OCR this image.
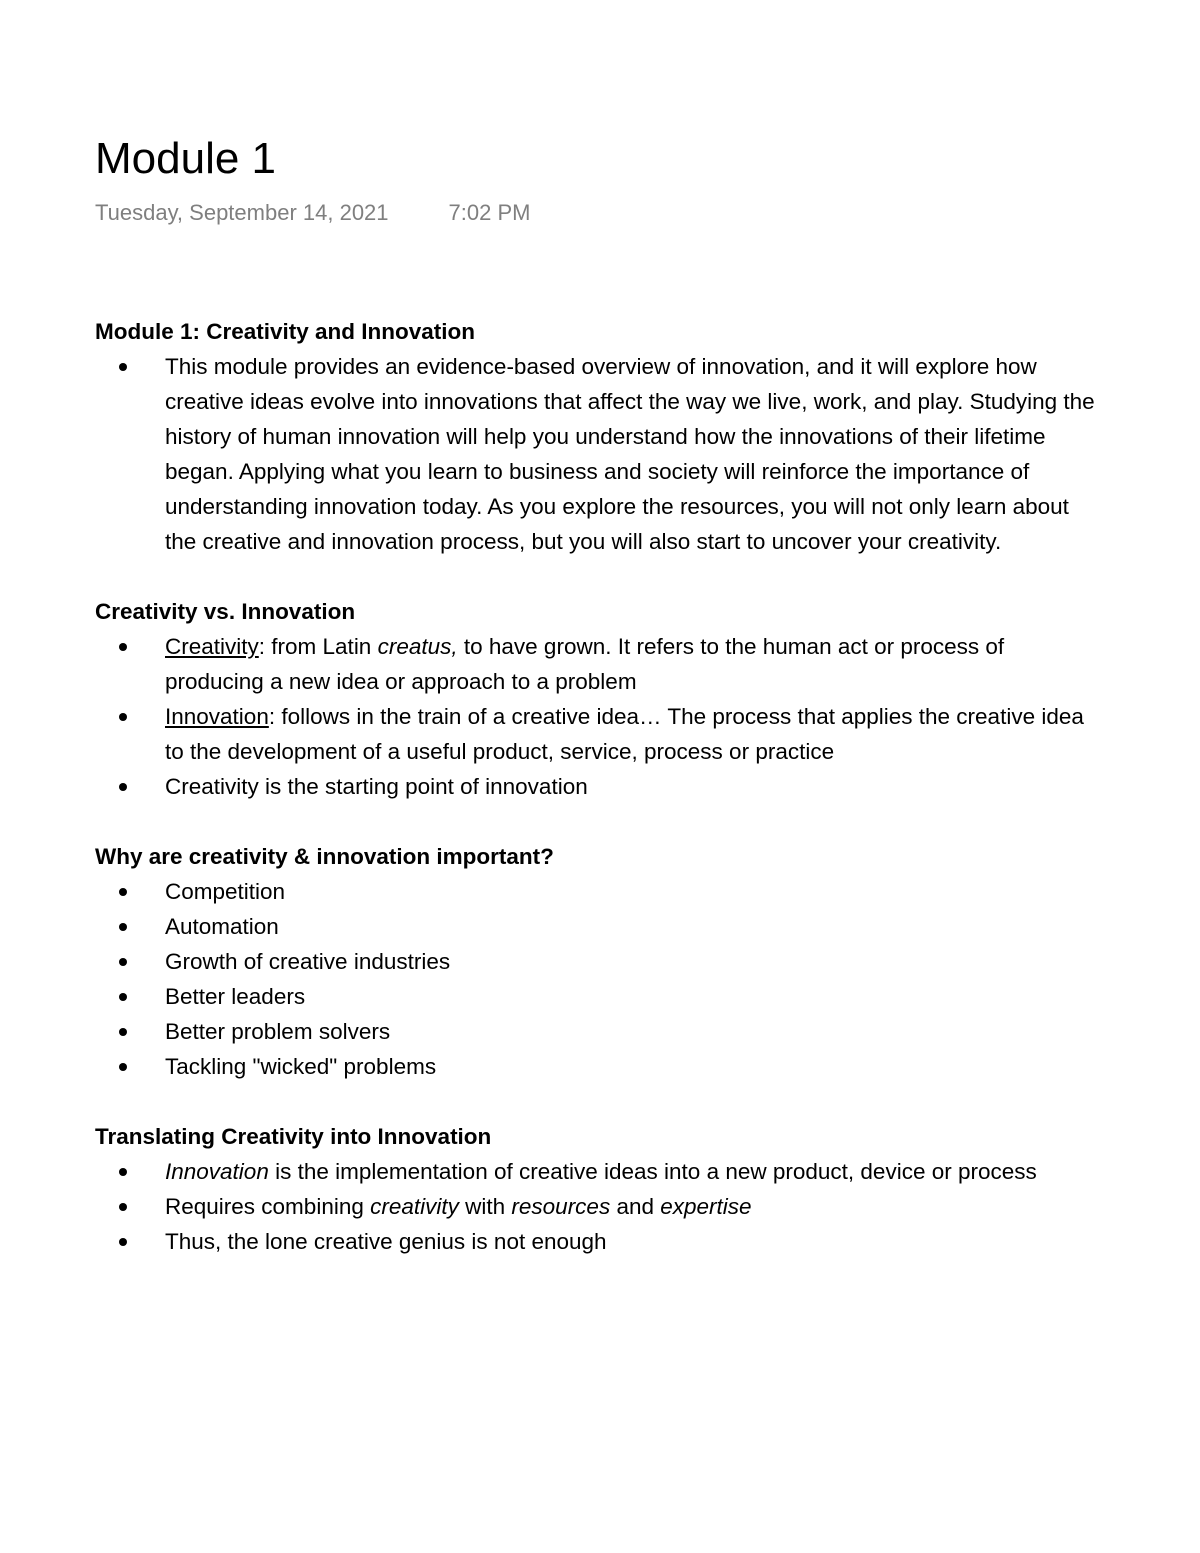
Module 1
Tuesday, September 14, 2021	7:02 PM

Module 1: Creativity and Innovation

This module provides an evidence-based overview of innovation, and it will explore how creative ideas evolve into innovations that affect the way we live, work, and play. Studying the history of human innovation will help you understand how the innovations of their lifetime began. Applying what you learn to business and society will reinforce the importance of understanding innovation today. As you explore the resources, you will not only learn about the creative and innovation process, but you will also start to uncover your creativity.

Creativity vs. Innovation

Creativity: from Latin creatus, to have grown. It refers to the human act or process of producing a new idea or approach to a problem
Innovation: follows in the train of a creative idea… The process that applies the creative idea to the development of a useful product, service, process or practice
Creativity is the starting point of innovation

Why are creativity & innovation important?

Competition
Automation
Growth of creative industries
Better leaders
Better problem solvers
Tackling "wicked" problems

Translating Creativity into Innovation

Innovation is the implementation of creative ideas into a new product, device or process
Requires combining creativity with resources and expertise
Thus, the lone creative genius is not enough
